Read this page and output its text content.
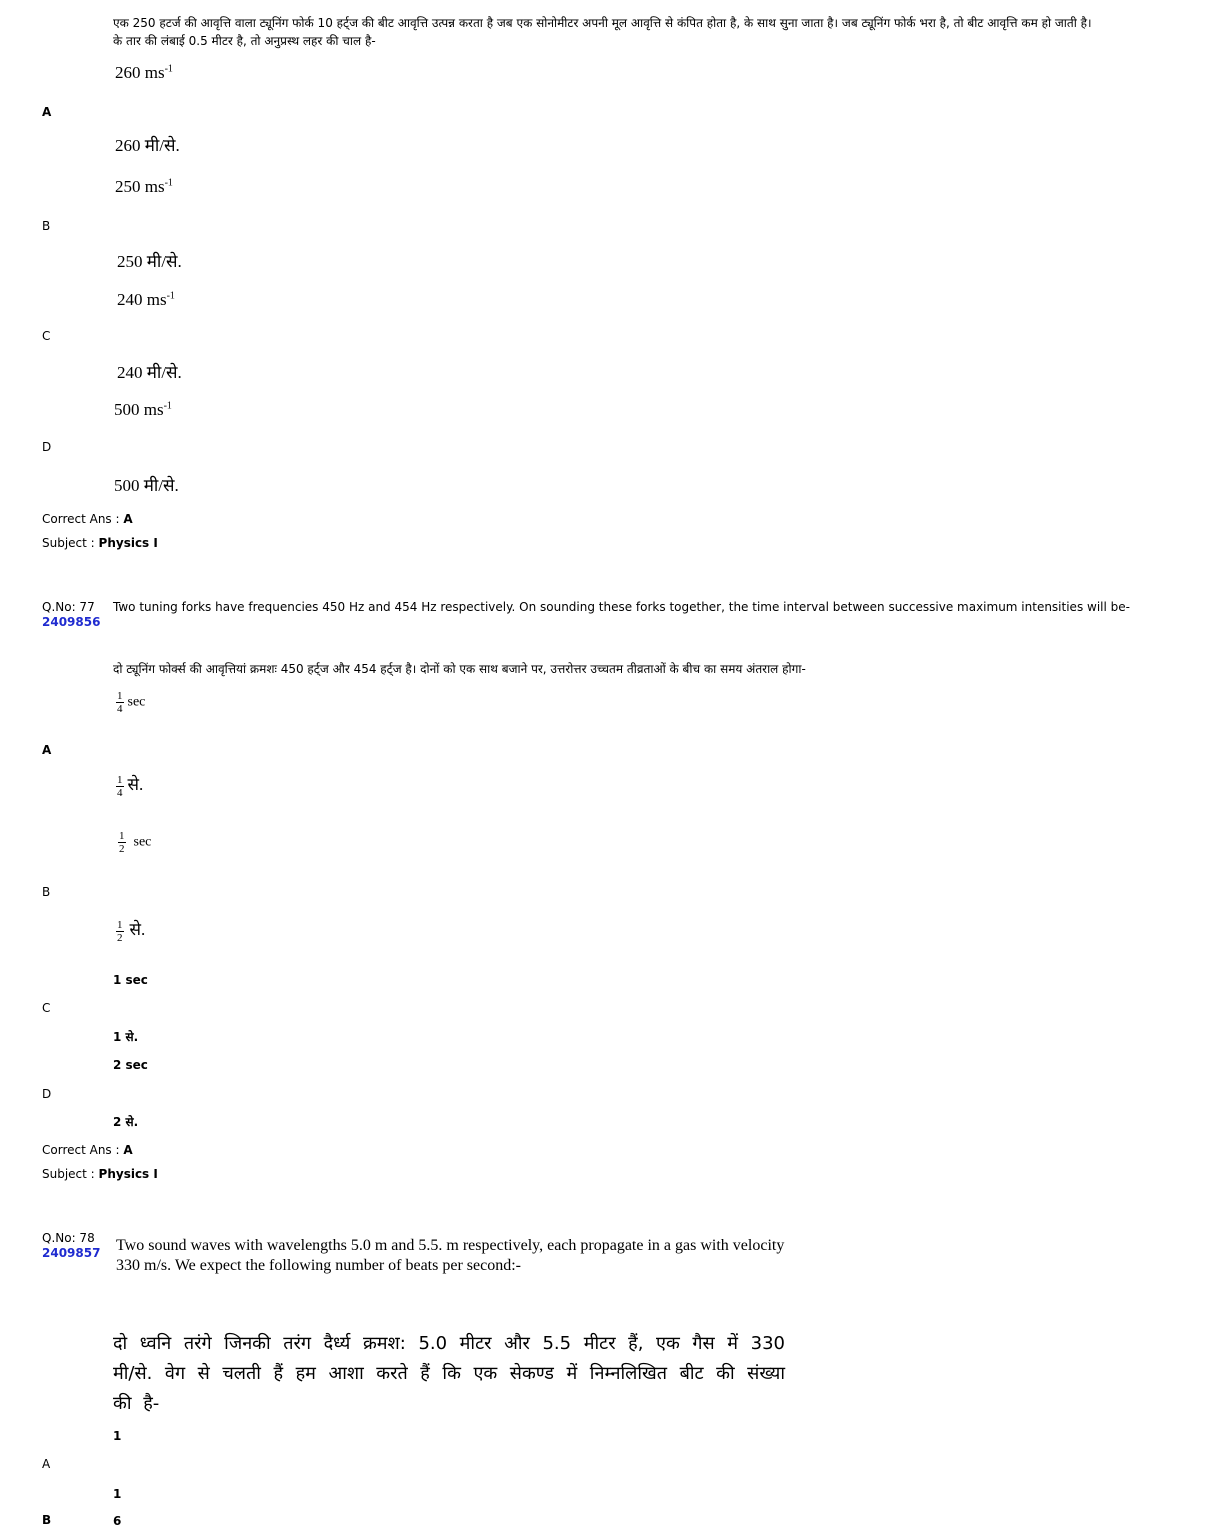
एक 250 हटर्ज की आवृत्ति वाला ट्यूनिंग फोर्क 10 हर्ट्ज की बीट आवृत्ति उत्पन्न करता है जब एक सोनोमीटर अपनी मूल आवृत्ति से कंपित होता है, के साथ सुना जाता है। जब ट्यूनिंग फोर्क भरा है, तो बीट आवृत्ति कम हो जाती है।
के तार की लंबाई 0.5 मीटर है, तो अनुप्रस्थ लहर की चाल है-
260 $ms^{-1}$
A
260 मी/से.
250 $ms^{-1}$
B
250 मी/से.
240 $ms^{-1}$
C
240 मी/से.
500 $ms^{-1}$
D
500 मी/से.
Correct Ans : A
Subject : Physics I
Q.No: 77
2409856
Two tuning forks have frequencies 450 Hz and 454 Hz respectively. On sounding these forks together, the time interval between successive maximum intensities will be-
दो ट्यूनिंग फोर्क्स की आवृत्तियां क्रमशः 450 हर्ट्ज और 454 हर्ट्ज है। दोनों को एक साथ बजाने पर, उत्तरोत्तर उच्चतम तीव्रताओं के बीच का समय अंतराल होगा-
$\frac{1}{4}$ sec
A
$\frac{1}{4}$ से.
$\frac{1}{2}$ sec
B
$\frac{1}{2}$ से.
1 sec
C
1 से.
2 sec
D
2 से.
Correct Ans : A
Subject : Physics I
Q.No: 78
2409857 Two sound waves with wavelengths 5.0 m and 5.5. m respectively, each propagate in a gas with velocity 330 m/s. We expect the following number of beats per second:-
दो ध्वनि तरंगे जिनकी तरंग दैर्ध्य क्रमश: 5.0 मीटर और 5.5 मीटर हैं, एक गैस में 330 मी/से. वेग से चलती हैं हम आशा करते हैं कि एक सेकण्ड में निम्नलिखित बीट की संख्या की है-
1
A
1
B	6
